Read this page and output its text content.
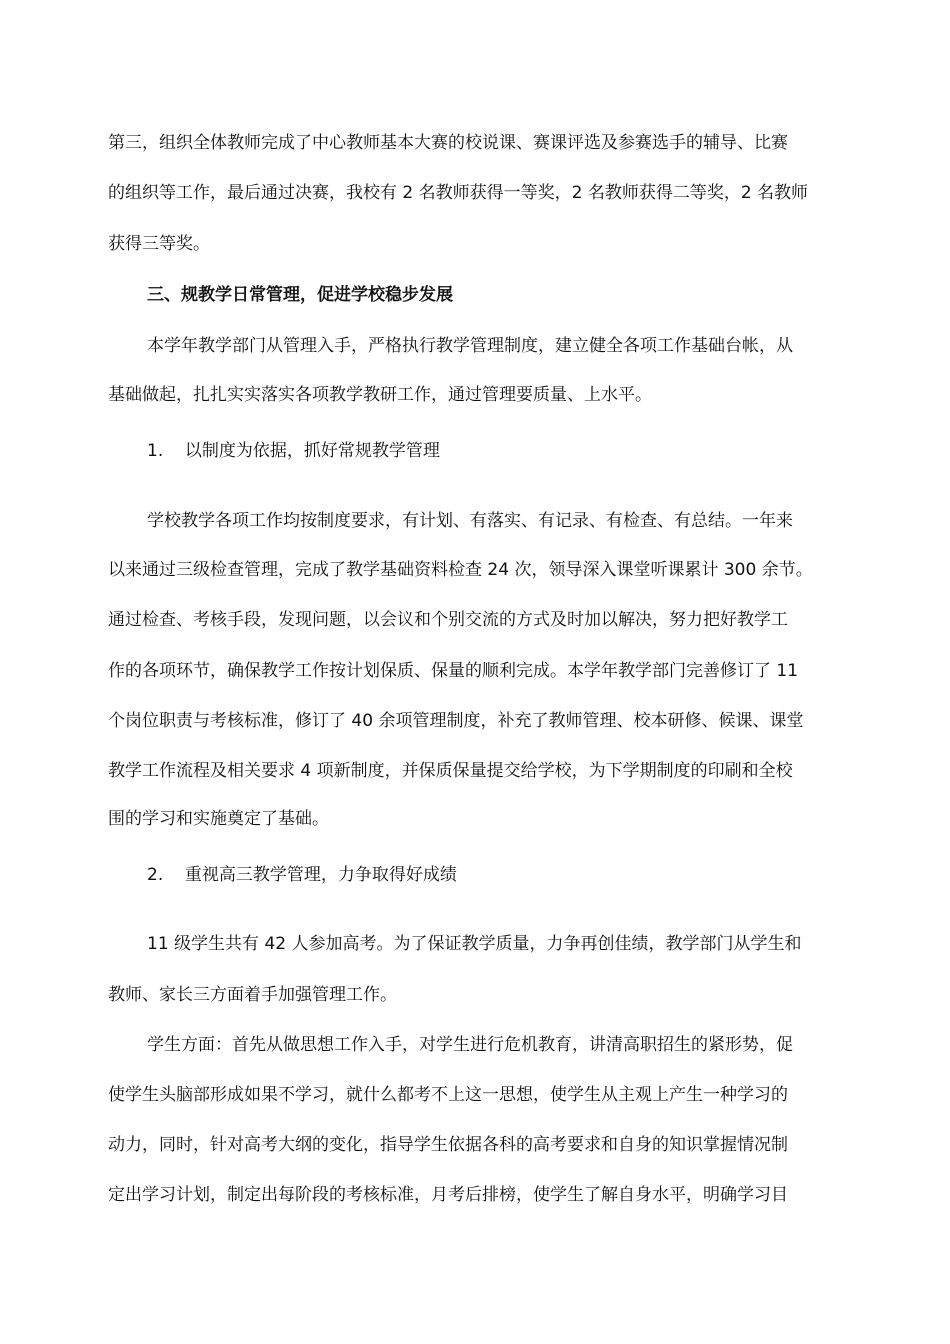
第三，组织全体教师完成了中心教师基本大赛的校说课、赛课评选及参赛选手的辅导、比赛
的组织等工作，最后通过决赛，我校有 2 名教师获得一等奖，2 名教师获得二等奖，2 名教师
获得三等奖。
三、规教学日常管理，促进学校稳步发展
本学年教学部门从管理入手，严格执行教学管理制度，建立健全各项工作基础台帐，从
基础做起，扎扎实实落实各项教学教研工作，通过管理要质量、上水平。
1.    以制度为依据，抓好常规教学管理
学校教学各项工作均按制度要求，有计划、有落实、有记录、有检查、有总结。一年来
以来通过三级检查管理，完成了教学基础资料检查 24 次，领导深入课堂听课累计 300 余节。
通过检查、考核手段，发现问题，以会议和个别交流的方式及时加以解决，努力把好教学工
作的各项环节，确保教学工作按计划保质、保量的顺利完成。本学年教学部门完善修订了 11
个岗位职责与考核标准，修订了 40 余项管理制度，补充了教师管理、校本研修、候课、课堂
教学工作流程及相关要求 4 项新制度，并保质保量提交给学校，为下学期制度的印刷和全校
围的学习和实施奠定了基础。
2.    重视高三教学管理，力争取得好成绩
11 级学生共有 42 人参加高考。为了保证教学质量，力争再创佳绩，教学部门从学生和
教师、家长三方面着手加强管理工作。
学生方面：首先从做思想工作入手，对学生进行危机教育，讲清高职招生的紧形势，促
使学生头脑部形成如果不学习，就什么都考不上这一思想，使学生从主观上产生一种学习的
动力，同时，针对高考大纲的变化，指导学生依据各科的高考要求和自身的知识掌握情况制
定出学习计划，制定出每阶段的考核标准，月考后排榜，使学生了解自身水平，明确学习目
